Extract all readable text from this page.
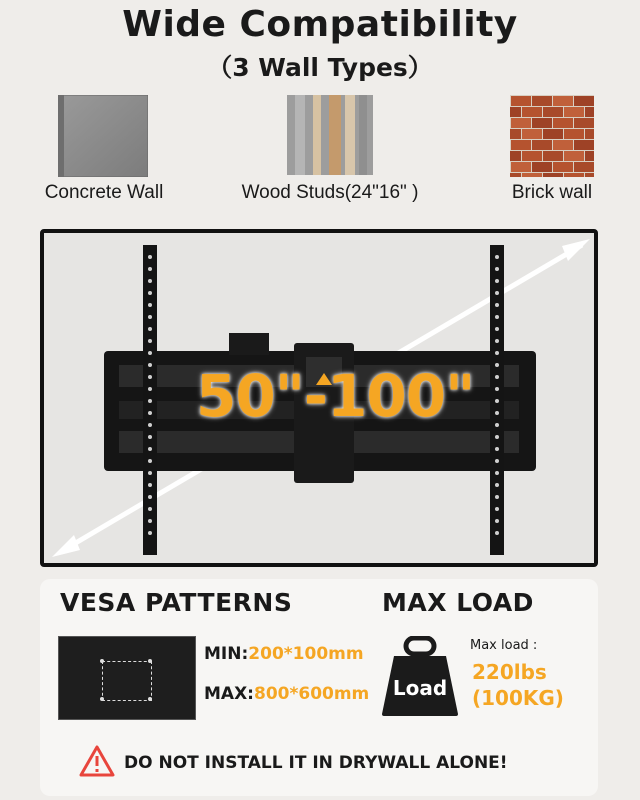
Wide Compatibility
（3 Wall Types）
Concrete Wall	Wood Studs(24"16" )	Brick wall
50"-100"
VESA PATTERNS	MAX LOAD
MIN:200*100mm
MAX:800*600mm	Load
Max load :
220lbs
(100KG)
DO NOT INSTALL IT IN DRYWALL ALONE!
